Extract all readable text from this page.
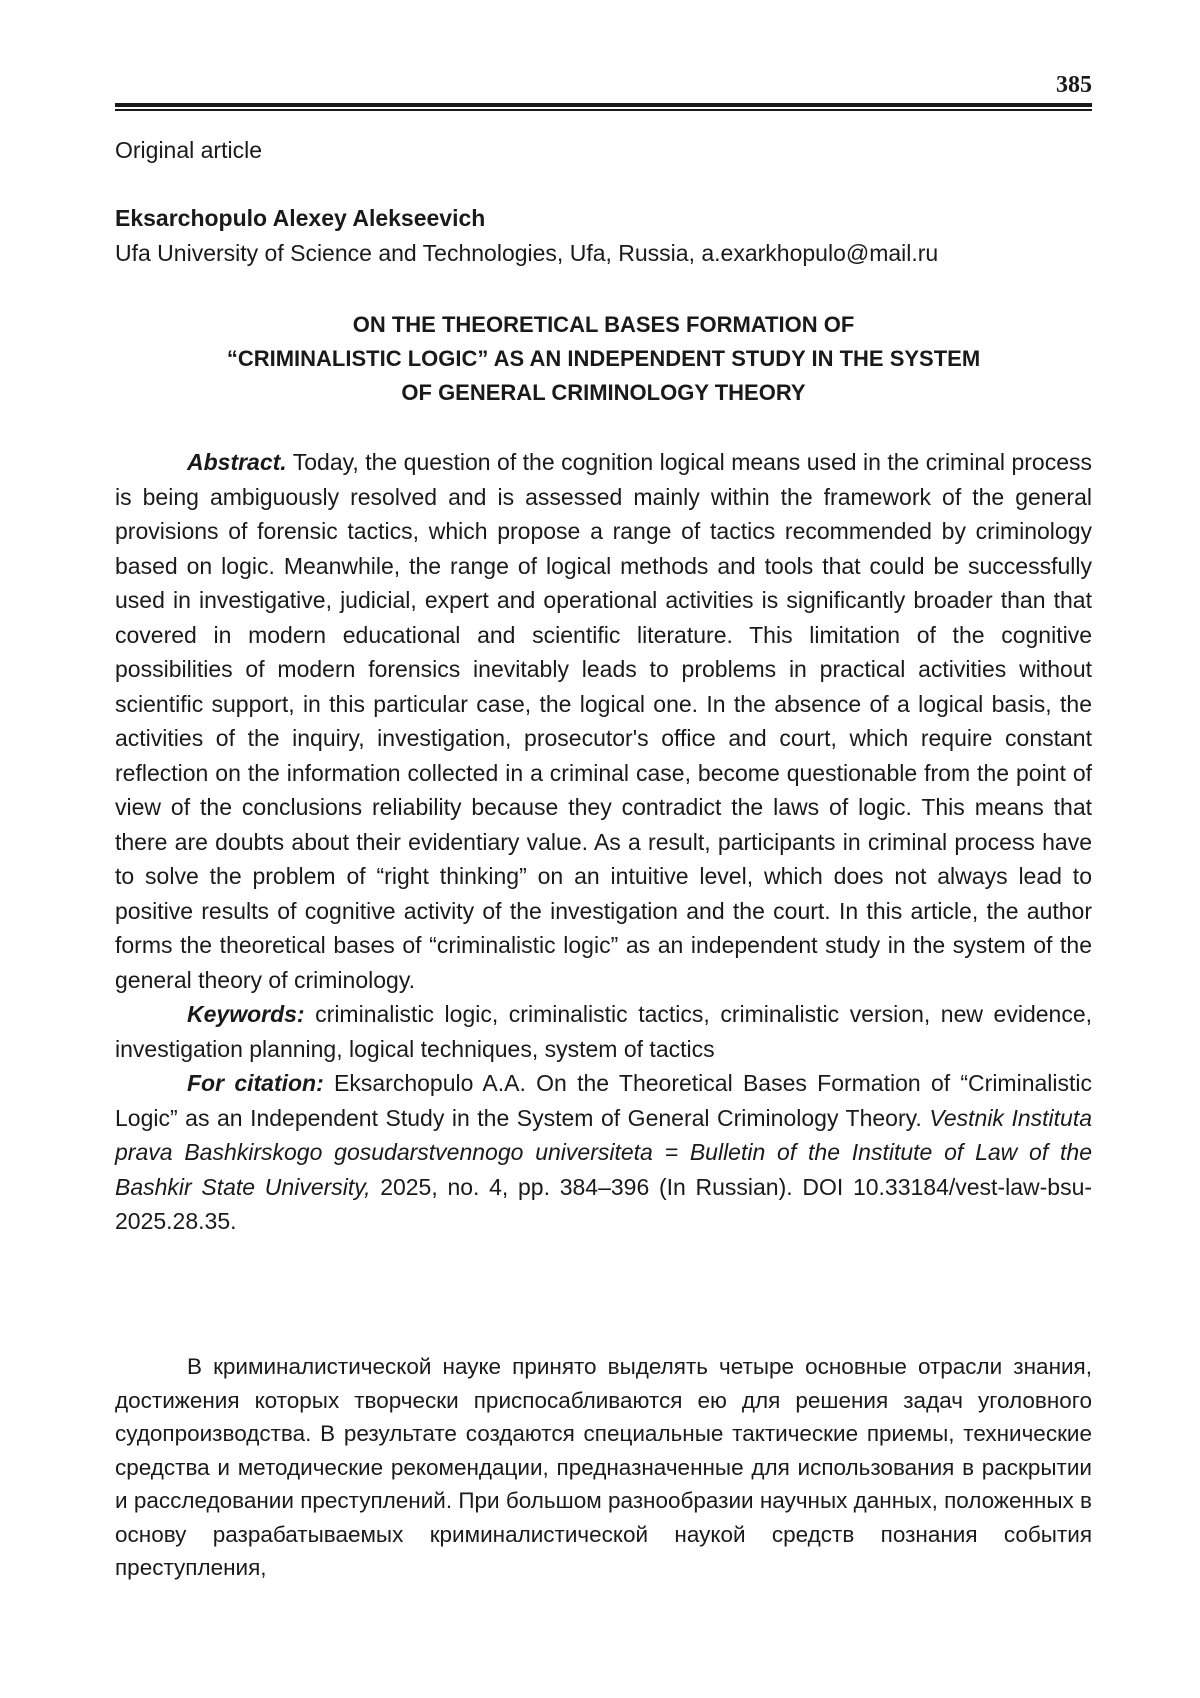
385
Original article
Eksarchopulo Alexey Alekseevich
Ufa University of Science and Technologies, Ufa, Russia, a.exarkhopulo@mail.ru
ON THE THEORETICAL BASES FORMATION OF
“CRIMINALISTIC LOGIC” AS AN INDEPENDENT STUDY IN THE SYSTEM
OF GENERAL CRIMINOLOGY THEORY

Abstract. Today, the question of the cognition logical means used in the criminal process is being ambiguously resolved and is assessed mainly within the framework of the general provisions of forensic tactics, which propose a range of tactics recommended by criminology based on logic. Meanwhile, the range of logical methods and tools that could be successfully used in investigative, judicial, expert and operational activities is significantly broader than that covered in modern educational and scientific literature. This limitation of the cognitive possibilities of modern forensics inevitably leads to problems in practical activities without scientific support, in this particular case, the logical one. In the absence of a logical basis, the activities of the inquiry, investigation, prosecutor's office and court, which require constant reflection on the information collected in a criminal case, become questionable from the point of view of the conclusions reliability because they contradict the laws of logic. This means that there are doubts about their evidentiary value. As a result, participants in criminal process have to solve the problem of “right thinking” on an intuitive level, which does not always lead to positive results of cognitive activity of the investigation and the court. In this article, the author forms the theoretical bases of “criminalistic logic” as an independent study in the system of the general theory of criminology.

Keywords: criminalistic logic, criminalistic tactics, criminalistic version, new evidence, investigation planning, logical techniques, system of tactics

For citation: Eksarchopulo A.A. On the Theoretical Bases Formation of “Criminalistic Logic” as an Independent Study in the System of General Criminology Theory. Vestnik Instituta prava Bashkirskogo gosudarstvennogo universiteta = Bulletin of the Institute of Law of the Bashkir State University, 2025, no. 4, pp. 384–396 (In Russian). DOI 10.33184/vest-law-bsu-2025.28.35.

В криминалистической науке принято выделять четыре основные отрасли знания, достижения которых творчески приспосабливаются ею для решения задач уголовного судопроизводства. В результате создаются специальные тактические приемы, технические средства и методические рекомендации, предназначенные для использования в раскрытии и расследовании преступлений. При большом разнообразии научных данных, положенных в основу разрабатываемых криминалистической наукой средств познания события преступления,
